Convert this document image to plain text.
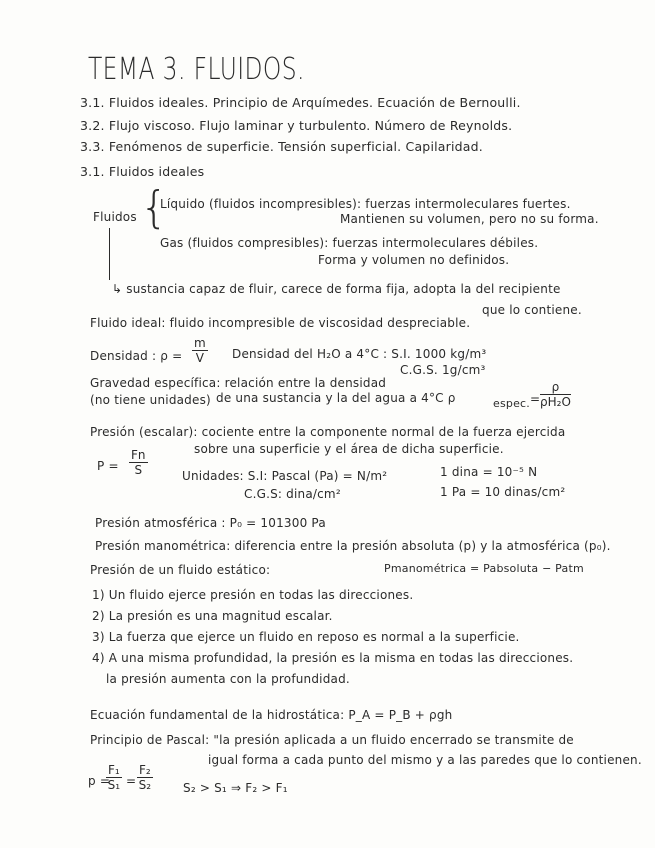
TEMA 3. FLUIDOS.
3.1. Fluidos ideales. Principio de Arquímedes. Ecuación de Bernoulli.
3.2. Flujo viscoso. Flujo laminar y turbulento. Número de Reynolds.
3.3. Fenómenos de superficie. Tensión superficial. Capilaridad.
3.1. Fluidos ideales
Fluidos {
Líquido (fluidos incompresibles): fuerzas intermoleculares fuertes.
Mantienen su volumen, pero no su forma.
Gas (fluidos compresibles): fuerzas intermoleculares débiles.
Forma y volumen no definidos.
↳ sustancia capaz de fluir, carece de forma fija, adopta la del recipiente
que lo contiene.
Fluido ideal: fluido incompresible de viscosidad despreciable.
Densidad : $\rho = \frac{m}{V}$ Densidad del H₂O a 4°C : S.I. 1000 kg/m³
C.G.S. 1g/cm³
Gravedad específica: relación entre la densidad
(no tiene unidades) de una sustancia y la del agua a 4°C ρ	espec. = $\frac{\rho}{\text{ρH₂O}}$
Presión (escalar): cociente entre la componente normal de la fuerza ejercida
sobre una superficie y el área de dicha superficie.
$P = \frac{Fn}{S}$	Unidades: S.I: Pascal (Pa) = N/m²	1 dina = 10⁻⁵ N
C.G.S: dina/cm²	1 Pa = 10 dinas/cm²
Presión atmosférica : P₀ = 101300 Pa
Presión manométrica: diferencia entre la presión absoluta (p) y la atmosférica (p₀).
Presión de un fluido estático:	Pmanométrica = Pabsoluta − Patm
1) Un fluido ejerce presión en todas las direcciones.
2) La presión es una magnitud escalar.
3) La fuerza que ejerce un fluido en reposo es normal a la superficie.
4) A una misma profundidad, la presión es la misma en todas las direcciones.
la presión aumenta con la profundidad.
Ecuación fundamental de la hidrostática: P_A = P_B + ρgh
Principio de Pascal: "la presión aplicada a un fluido encerrado se transmite de
igual forma a cada punto del mismo y a las paredes que lo contienen.
p =
$\frac{\text{F₁}}{\text{S₁}} = \frac{\text{F₂}}{\text{S₂}}$	S₂ > S₁ ⇒ F₂ > F₁
